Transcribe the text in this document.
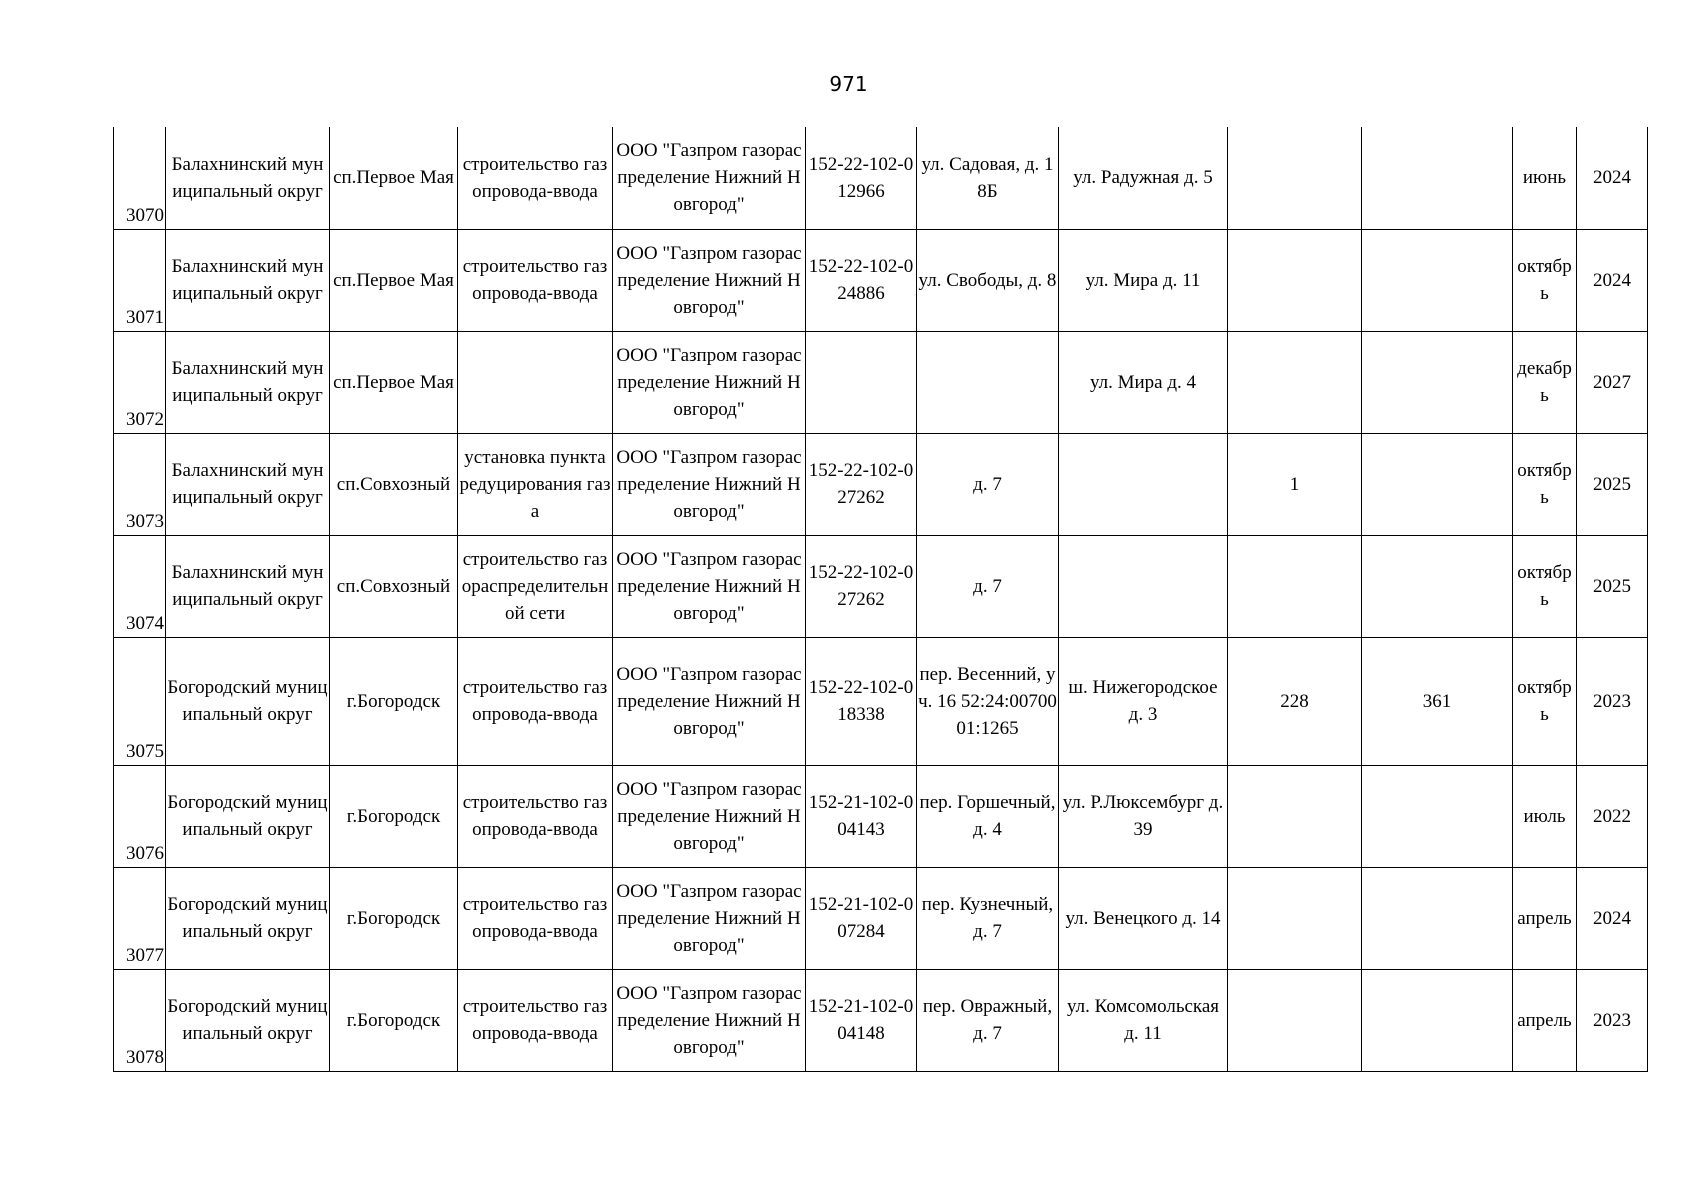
971
3070	Балахнинский муниципальный округ	сп.Первое Мая	строительство газопровода-ввода	ООО "Газпром газораспределение Нижний Новгород"	152-22-102-012966	ул. Садовая, д. 18Б	ул. Радужная д. 5			июнь	2024
3071	Балахнинский муниципальный округ	сп.Первое Мая	строительство газопровода-ввода	ООО "Газпром газораспределение Нижний Новгород"	152-22-102-024886	ул. Свободы, д. 8	ул. Мира д. 11			октябрь	2024
3072	Балахнинский муниципальный округ	сп.Первое Мая		ООО "Газпром газораспределение Нижний Новгород"			ул. Мира д. 4			декабрь	2027
3073	Балахнинский муниципальный округ	сп.Совхозный	установка пункта редуцирования газа	ООО "Газпром газораспределение Нижний Новгород"	152-22-102-027262	д. 7		1		октябрь	2025
3074	Балахнинский муниципальный округ	сп.Совхозный	строительство газораспределительной сети	ООО "Газпром газораспределение Нижний Новгород"	152-22-102-027262	д. 7				октябрь	2025
3075	Богородский муниципальный округ	г.Богородск	строительство газопровода-ввода	ООО "Газпром газораспределение Нижний Новгород"	152-22-102-018338	пер. Весенний, уч. 16 52:24:0070001:1265	ш. Нижегородское д. 3	228	361	октябрь	2023
3076	Богородский муниципальный округ	г.Богородск	строительство газопровода-ввода	ООО "Газпром газораспределение Нижний Новгород"	152-21-102-004143	пер. Горшечный, д. 4	ул. Р.Люксембург д. 39			июль	2022
3077	Богородский муниципальный округ	г.Богородск	строительство газопровода-ввода	ООО "Газпром газораспределение Нижний Новгород"	152-21-102-007284	пер. Кузнечный, д. 7	ул. Венецкого д. 14			апрель	2024
3078	Богородский муниципальный округ	г.Богородск	строительство газопровода-ввода	ООО "Газпром газораспределение Нижний Новгород"	152-21-102-004148	пер. Овражный, д. 7	ул. Комсомольская д. 11			апрель	2023
